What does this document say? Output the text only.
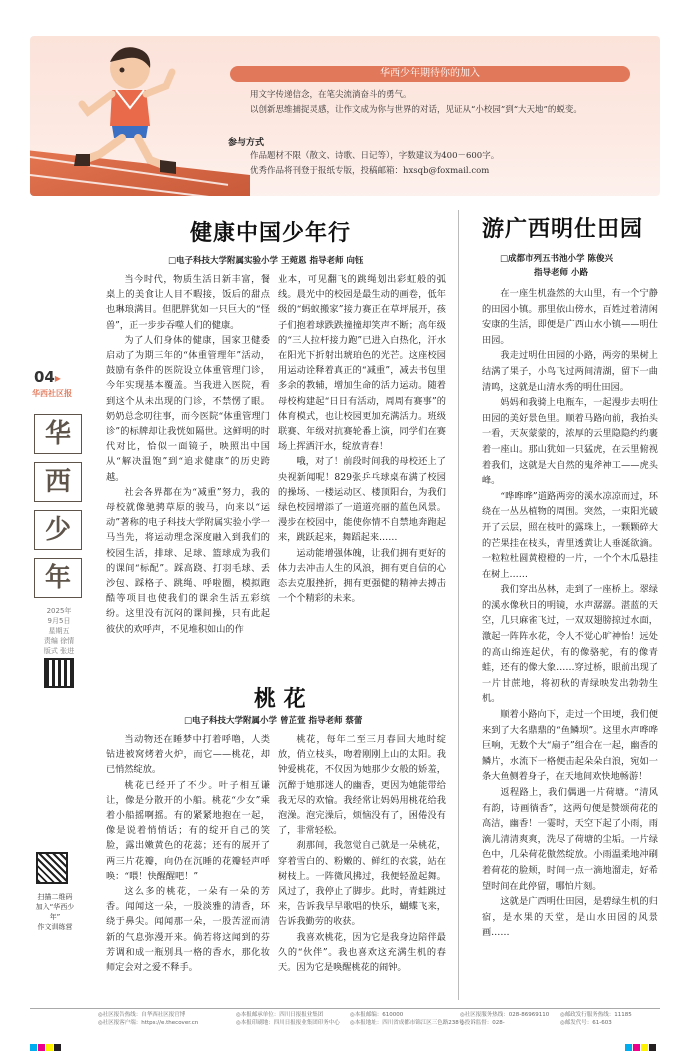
华西少年期待你的加入
用文字传递信念，在笔尖流淌奋斗的勇气。
以创新思维捕捉灵感，让作文成为你与世界的对话，见证从“小校园”到“大天地”的蜕变。
参与方式
作品题材不限（散文、诗歌、日记等），字数建议为400－600字。
优秀作品将刊登于报纸专版，投稿邮箱：hxsqb@foxmail.com
04▸
华西社区报
华
西
少
年
2025年
9月5日
星期五
责编 徐情
版式 张进
扫描二维码
加入“华西少年”
作文训练营
健康中国少年行
□电子科技大学附属实验小学 王菀恩 指导老师 向钰

当今时代，物质生活日新丰富，餐桌上的美食让人目不暇接，饭后的甜点也琳琅满目。但肥胖犹如一只巨大的“怪兽”，正一步步吞噬人们的健康。

为了人们身体的健康，国家卫健委启动了为期三年的“体重管理年”活动，鼓励有条件的医院设立体重管理门诊，今年实现基本覆盖。当我进入医院，看到这个从未出现的门诊，不禁愣了眼。奶奶总念叨往事，而今医院“体重管理门诊”的标牌却让我恍如隔世。这鲜明的时代对比，恰似一面镜子，映照出中国从“解决温饱”到“追求健康”的历史跨越。

社会各界都在为“减重”努力，我的母校就像驰骋草原的骏马，向来以“运动”著称的电子科技大学附属实验小学一马当先，将运动理念深度融入到我们的校园生活，排球、足球、篮球成为我们的课间“标配”。踩高跷、打羽毛球、丢沙包、踩格子、跳绳、呼啦圈，模拟跑酷等项目也使我们的课余生活五彩缤纷。这里没有沉闷的课间操，只有此起彼伏的欢呼声，不见堆积如山的作

业本，可见翻飞的跳绳划出彩虹般的弧线。晨光中的校园是最生动的画卷，低年级的“蚂蚁搬家”接力赛正在草坪展开，孩子们抱着球跌跌撞撞却笑声不断；高年级的“三人拉杆接力跑”已进入白热化，汗水在阳光下折射出琥珀色的光芒。这座校园用运动诠释着真正的“减重”，减去书包里多余的教辅，增加生命的活力运动。随着母校构建起“日日有活动，周周有赛事”的体育模式，也让校园更加充满活力。班级联赛、年级对抗赛轮番上演，同学们在赛场上挥洒汗水，绽放青春！

哦，对了！前段时间我的母校还上了央视新闻呢！829张乒乓球桌布满了校园的操场、一楼运动区、楼顶阳台，为我们绿色校园增添了一道道亮丽的蓝色风景。漫步在校园中，能使你情不自禁地奔跑起来，跳跃起来，舞蹈起来……

运动能增强体魄，让我们拥有更好的体力去冲击人生的风浪，拥有更自信的心态去克服挫折，拥有更强健的精神去搏击一个个精彩的未来。

桃 花
□电子科技大学附属小学 曾芷萱 指导老师 蔡蕾

当动物还在睡梦中打着呼噜，人类钻进被窝烤着火炉，而它——桃花，却已悄然绽放。

桃花已经开了不少。叶子相互谦让，像是分散开的小船。桃花“少女”乘着小船摇啊摇。有的紧紧地抱在一起，像是说着悄悄话；有的绽开自己的笑脸，露出嫩黄色的花蕊；还有的展开了两三片花瓣，向仍在沉睡的花瓣轻声呼唤：“喂！快醒醒吧！”

这么多的桃花，一朵有一朵的芳香。闻闻这一朵，一股淡雅的清香，环绕于鼻尖。闻闻那一朵，一股苦涩而清新的气息弥漫开来。倘若将这闻到的芬芳调和成一瓶别具一格的香水，那化妆师定会对之爱不释手。

桃花，每年二至三月春回大地时绽放，俏立枝头，吻着刚刚上山的太阳。我钟爱桃花，不仅因为她那少女般的娇羞，沉醉于她那迷人的幽香，更因为她能带给我无尽的欢愉。我经常让妈妈用桃花给我泡澡。泡完澡后，烦恼没有了，困倦没有了，非常轻松。

刹那间，我忽觉自己就是一朵桃花，穿着雪白的、粉嫩的、鲜红的衣裳，站在树枝上。一阵微风拂过，我便轻盈起舞。风过了，我停止了脚步。此时，青蛙跳过来，告诉我早早歌唱的快乐，蝴蝶飞来，告诉我勤劳的收获。

我喜欢桃花，因为它是我身边陪伴最久的“伙伴”。我也喜欢这充满生机的春天。因为它是唤醒桃花的闹钟。

游广西明仕田园
□成都市列五书池小学 陈俊兴
指导老师 小路

在一座生机盎然的大山里，有一个宁静的田园小镇。那里依山傍水，百姓过着清闲安康的生活，即便是广西山水小镇——明仕田园。

我走过明仕田园的小路，两旁的果树上结满了果子，小鸟飞过两间清湖，留下一曲清鸣，这就是山清水秀的明仕田园。

妈妈和我骑上电瓶车，一起漫步去明仕田园的美好景色里。顺着马路向前，我抬头一看，天灰蒙蒙的，浓厚的云里隐隐约约裹着一座山。那山犹如一只猛虎，在云里俯视着我们，这就是大自然的鬼斧神工——虎头峰。

“哗哗哗”道路两旁的溪水凉凉而过，环绕在一丛丛植物的周围。突然，一束阳光破开了云层，照在枝叶的露珠上，一颗颗碎大的芒果挂在枝头，青里透黄让人垂涎欲滴。一粒粒杜圆黄橙橙的一片，一个个木瓜悬挂在树上……

我们穿出丛林，走到了一座桥上。翠绿的溪水像秋日的明镜，水声潺潺。湛蓝的天空，几只麻雀飞过，一双双翅膀掠过水面，激起一阵阵水花，令人不觉心旷神怡！远处的高山绵连起伏，有的像骆驼，有的像青蛙，还有的像大象……穿过桥，眼前出现了一片甘蔗地，将初秋的青绿映发出勃勃生机。

顺着小路向下，走过一个田埂，我们便来到了大名鼎鼎的“鱼鳞坝”。这里水声哗哗巨响，无数个大“扇子”组合在一起，幽香的鳞片，水流下一格便击起朵朵白浪，宛如一条大鱼侧着身子，在天地间欢快地畅游！

返程路上，我们偶遇一片荷塘。“清风有韵，诗画徜香”，这两句便是赞颂荷花的高洁，幽香！一霎时，天空下起了小雨，雨滴儿清清爽爽，洗尽了荷塘的尘垢。一片绿色中，几朵荷花傲然绽放。小雨温柔地冲刷着荷花的脸颊，时间一点一滴地溜走，好希望时间在此停留，哪怕片刻。

这就是广西明仕田园，是碧绿生机的归宿，是水果的天堂，是山水田园的风景画……

◎社区报告热线：自华西社区报官博
◎社区报客户端：https://e.thecover.cn
◎本报邮承单位：四川日报报业集团	◎本报邮编：610000
◎本报印刷地：四川日报报业集团印务中心 ◎本报地址：四川省成都市锦江区三色路238号
◎社区报服务热线：028-86969110
◎投诉监督：028-
◎邮政发行服务热线：11185
◎邮发代号：61-603
